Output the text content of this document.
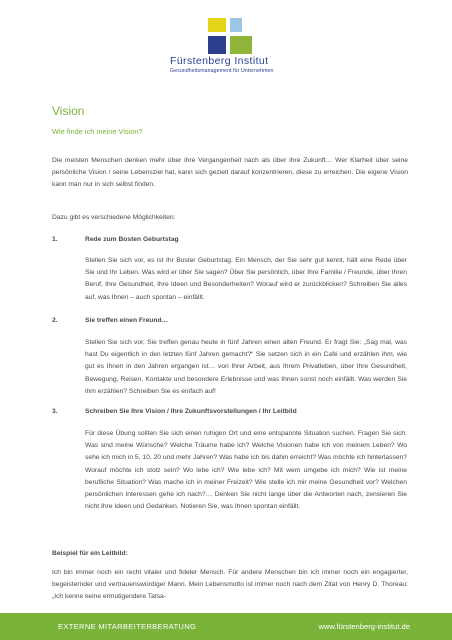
Fürstenberg Institut
Gesundheitsmanagement für Unternehmen
Vision
Wie finde ich meine Vision?

Die meisten Menschen denken mehr über ihre Vergangenheit nach als über ihre Zukunft… Wer Klarheit über seine persönliche Vision / seine Lebensziel hat, kann sich gezielt darauf konzentrieren, diese zu erreichen. Die eigene Vision kann man nur in sich selbst finden.

Dazu gibt es verschiedene Möglichkeiten:

1.	Rede zum Bosten Geburtstag

Stellen Sie sich vor, es ist Ihr Boster Geburtstag. Ein Mensch, der Sie sehr gut kennt, hält eine Rede über Sie und Ihr Leben. Was wird er über Sie sagen? Über Sie persönlich, über Ihre Familie / Freunde, über Ihren Beruf, Ihre Gesundheit, Ihre Ideen und Besonderheiten? Worauf wird er zurückblicken? Schreiben Sie alles auf, was Ihnen – auch spontan – einfällt.

2.	Sie treffen einen Freund…

Stellen Sie sich vor, Sie treffen genau heute in fünf Jahren einen alten Freund. Er fragt Sie: „Sag mal, was hast Du eigentlich in den letzten fünf Jahren gemacht?“ Sie setzen sich in ein Café und erzählen ihm, wie gut es Ihnen in den Jahren ergangen ist… von Ihrer Arbeit, aus Ihrem Privatleben, über Ihre Gesundheit, Bewegung, Reisen, Kontakte und besondere Erlebnisse und was Ihnen sonst noch einfällt. Was werden Sie ihm erzählen? Schreiben Sie es einfach auf!

3.	Schreiben Sie Ihre Vision / Ihre Zukunftsvorstellungen / Ihr Leitbild

Für diese Übung sollten Sie sich einen ruhigen Ort und eine entspannte Situation suchen. Fragen Sie sich: Was sind meine Wünsche? Welche Träume habe ich? Welche Visionen habe ich von meinem Leben? Wo sehe ich mich in 5, 10, 20 und mehr Jahren? Was habe ich bis dahin erreicht? Was möchte ich hinterlassen? Worauf möchte ich stolz sein? Wo lebe ich? Wie lebe ich? Mit wem umgebe ich mich? Wie ist meine berufliche Situation? Was mache ich in meiner Freizeit? Wie stelle ich mir meine Gesundheit vor? Welchen persönlichen Interessen gehe ich nach?… Denken Sie nicht lange über die Antworten nach, zensieren Sie nicht Ihre Ideen und Gedanken. Notieren Sie, was Ihnen spontan einfällt.

Beispiel für ein Leitbild:

Ich bin immer noch ein recht vitaler und fideler Mensch. Für andere Menschen bin ich immer noch ein engagierter, begeisternder und vertrauenswürdiger Mann. Mein Lebensmotto ist immer noch nach dem Zitat von Henry D. Thoreau: „Ich kenne keine ermutigendere Tatsa-

EXTERNE MITARBEITERBERATUNG	www.fürstenberg-institut.de
